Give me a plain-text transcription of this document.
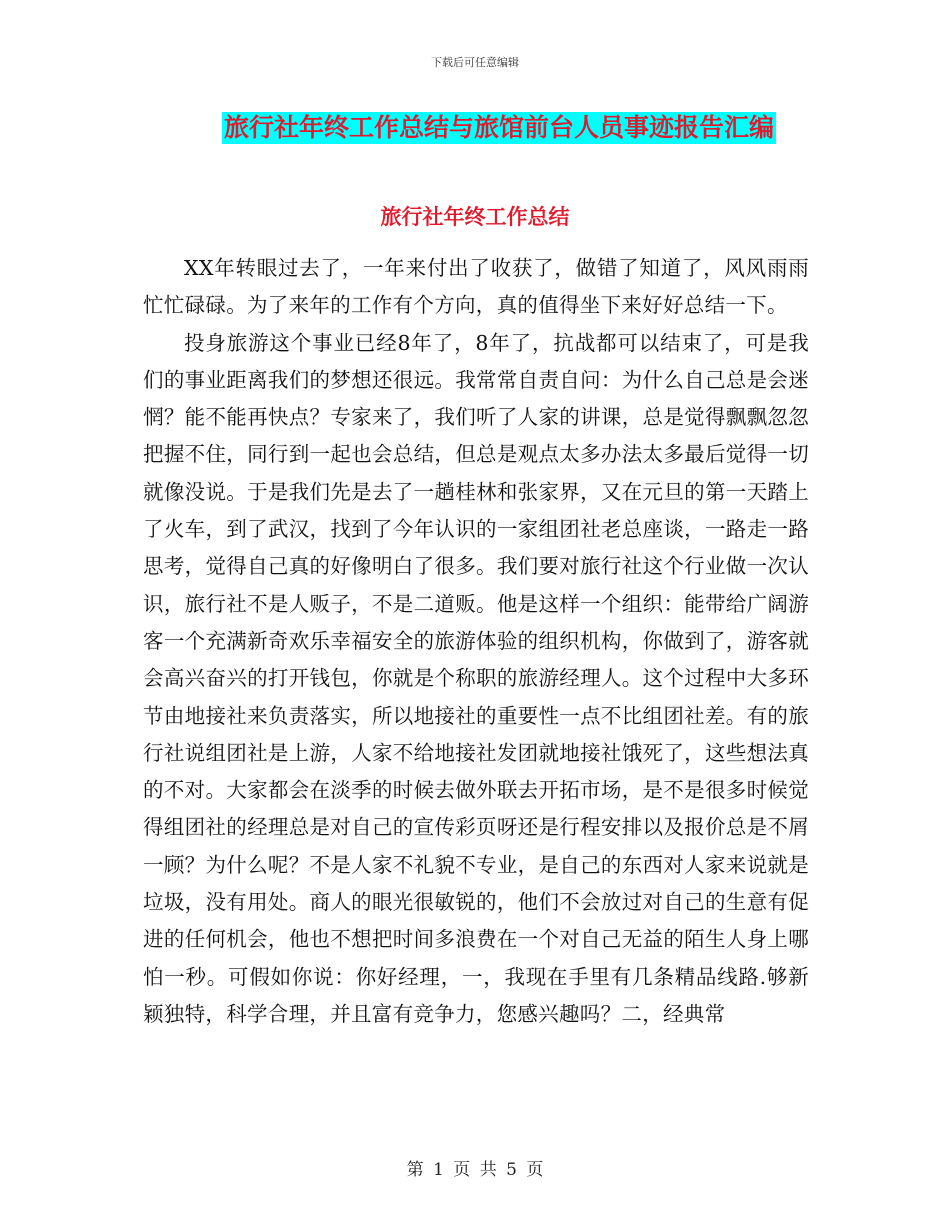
下载后可任意编辑
旅行社年终工作总结与旅馆前台人员事迹报告汇编
旅行社年终工作总结

XX年转眼过去了，一年来付出了收获了，做错了知道了，风风雨雨忙忙碌碌。为了来年的工作有个方向，真的值得坐下来好好总结一下。

投身旅游这个事业已经8年了，8年了，抗战都可以结束了，可是我们的事业距离我们的梦想还很远。我常常自责自问：为什么自己总是会迷惘？能不能再快点？专家来了，我们听了人家的讲课，总是觉得飘飘忽忽把握不住，同行到一起也会总结，但总是观点太多办法太多最后觉得一切就像没说。于是我们先是去了一趟桂林和张家界，又在元旦的第一天踏上了火车，到了武汉，找到了今年认识的一家组团社老总座谈，一路走一路思考，觉得自己真的好像明白了很多。我们要对旅行社这个行业做一次认识，旅行社不是人贩子，不是二道贩。他是这样一个组织：能带给广阔游客一个充满新奇欢乐幸福安全的旅游体验的组织机构，你做到了，游客就会高兴奋兴的打开钱包，你就是个称职的旅游经理人。这个过程中大多环节由地接社来负责落实，所以地接社的重要性一点不比组团社差。有的旅行社说组团社是上游，人家不给地接社发团就地接社饿死了，这些想法真的不对。大家都会在淡季的时候去做外联去开拓市场，是不是很多时候觉得组团社的经理总是对自己的宣传彩页呀还是行程安排以及报价总是不屑一顾？为什么呢？不是人家不礼貌不专业，是自己的东西对人家来说就是垃圾，没有用处。商人的眼光很敏锐的，他们不会放过对自己的生意有促进的任何机会，他也不想把时间多浪费在一个对自己无益的陌生人身上哪怕一秒。可假如你说：你好经理，一，我现在手里有几条精品线路.够新颖独特，科学合理，并且富有竞争力，您感兴趣吗？二，经典常

第 1 页 共 5 页
